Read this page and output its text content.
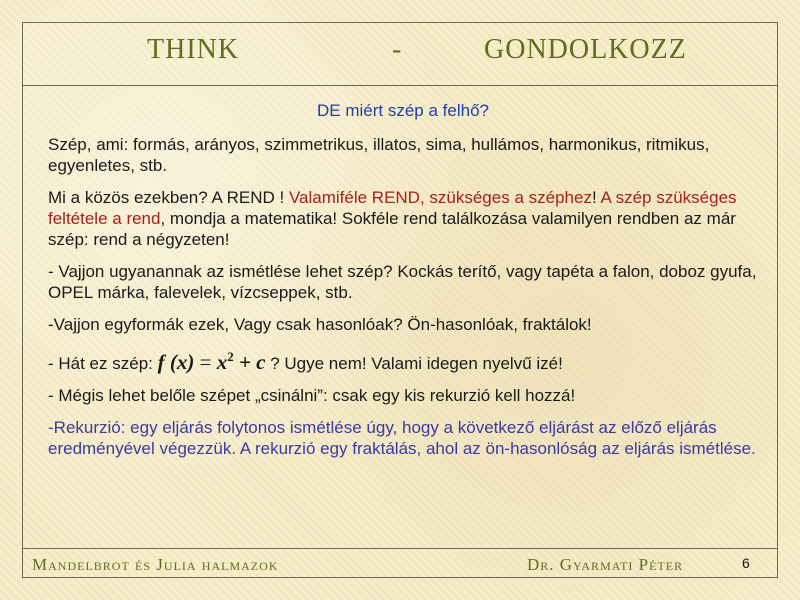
THINK	-	GONDOLKOZZ

DE miért szép a felhő?

Szép, ami: formás, arányos, szimmetrikus, illatos, sima, hullámos, harmonikus, ritmikus, egyenletes, stb.

Mi a közös ezekben? A REND ! Valamiféle REND, szükséges a széphez! A szép szükséges feltétele a rend, mondja a matematika! Sokféle rend találkozása valamilyen rendben az már szép: rend a négyzeten!

- Vajjon ugyanannak az ismétlése lehet szép? Kockás terítő, vagy tapéta a falon, doboz gyufa, OPEL márka, falevelek, vízcseppek, stb.

-Vajjon egyformák ezek, Vagy csak hasonlóak? Ön-hasonlóak, fraktálok!

- Hát ez szép: f $(x) = x^2 + c$ ? Ugye nem! Valami idegen nyelvű izé!

- Mégis lehet belőle szépet „csinálni”: csak egy kis rekurzió kell hozzá!

-Rekurzió: egy eljárás folytonos ismétlése úgy, hogy a következő eljárást az előző eljárás eredményével végezzük. A rekurzió egy fraktálás, ahol az ön-hasonlóság az eljárás ismétlése.

Mandelbrot és Julia halmazok	Dr. Gyarmati Péter	6
